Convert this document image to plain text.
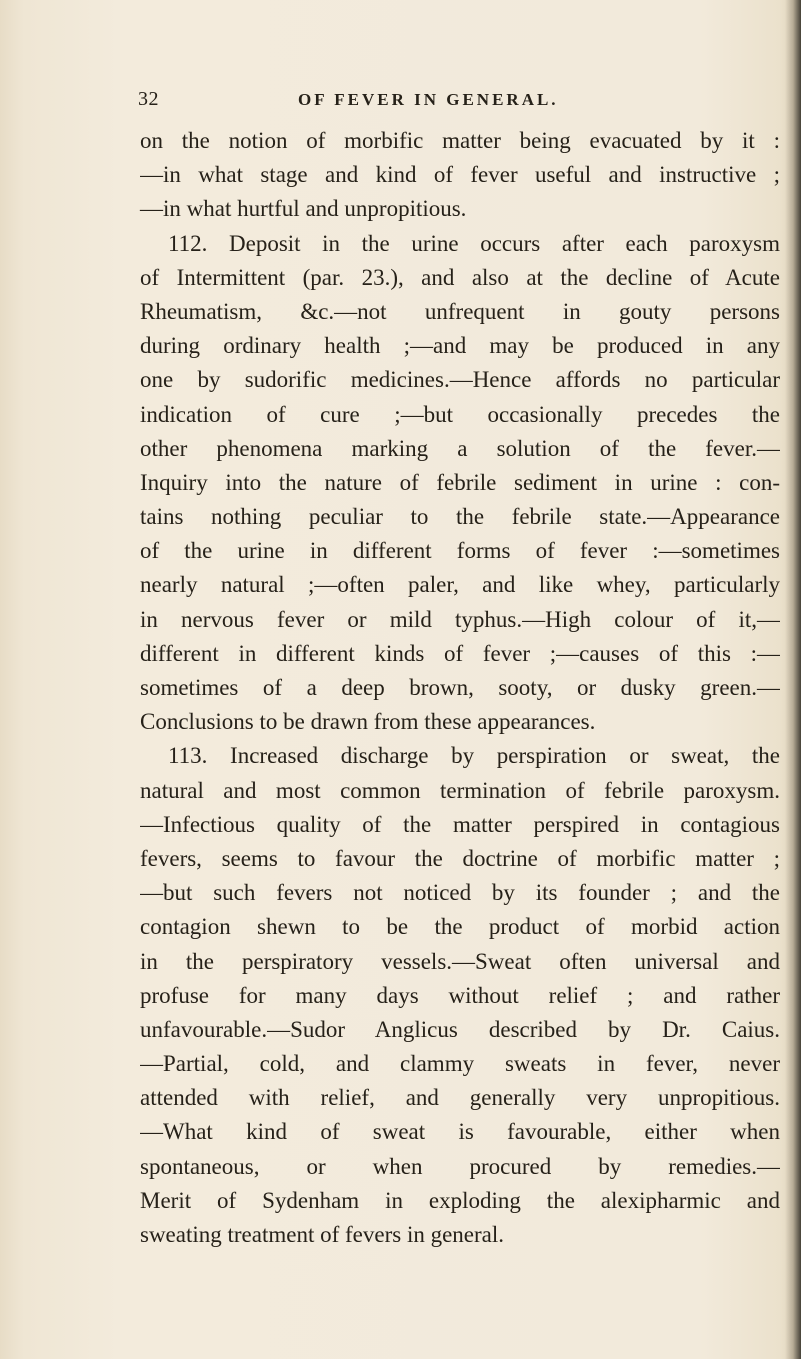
32	OF FEVER IN GENERAL.
on the notion of morbific matter being evacuated by it :
—in what stage and kind of fever useful and instructive ;
—in what hurtful and unpropitious.
112. Deposit in the urine occurs after each paroxysm
of Intermittent (par. 23.), and also at the decline of Acute
Rheumatism, &c.—not unfrequent in gouty persons
during ordinary health ;—and may be produced in any
one by sudorific medicines.—Hence affords no particular
indication of cure ;—but occasionally precedes the
other phenomena marking a solution of the fever.—
Inquiry into the nature of febrile sediment in urine : con-
tains nothing peculiar to the febrile state.—Appearance
of the urine in different forms of fever :—sometimes
nearly natural ;—often paler, and like whey, particularly
in nervous fever or mild typhus.—High colour of it,—
different in different kinds of fever ;—causes of this :—
sometimes of a deep brown, sooty, or dusky green.—
Conclusions to be drawn from these appearances.
113. Increased discharge by perspiration or sweat, the
natural and most common termination of febrile paroxysm.
—Infectious quality of the matter perspired in contagious
fevers, seems to favour the doctrine of morbific matter ;
—but such fevers not noticed by its founder ; and the
contagion shewn to be the product of morbid action
in the perspiratory vessels.—Sweat often universal and
profuse for many days without relief ; and rather
unfavourable.—Sudor Anglicus described by Dr. Caius.
—Partial, cold, and clammy sweats in fever, never
attended with relief, and generally very unpropitious.
—What kind of sweat is favourable, either when
spontaneous, or when procured by remedies.—
Merit of Sydenham in exploding the alexipharmic and
sweating treatment of fevers in general.
